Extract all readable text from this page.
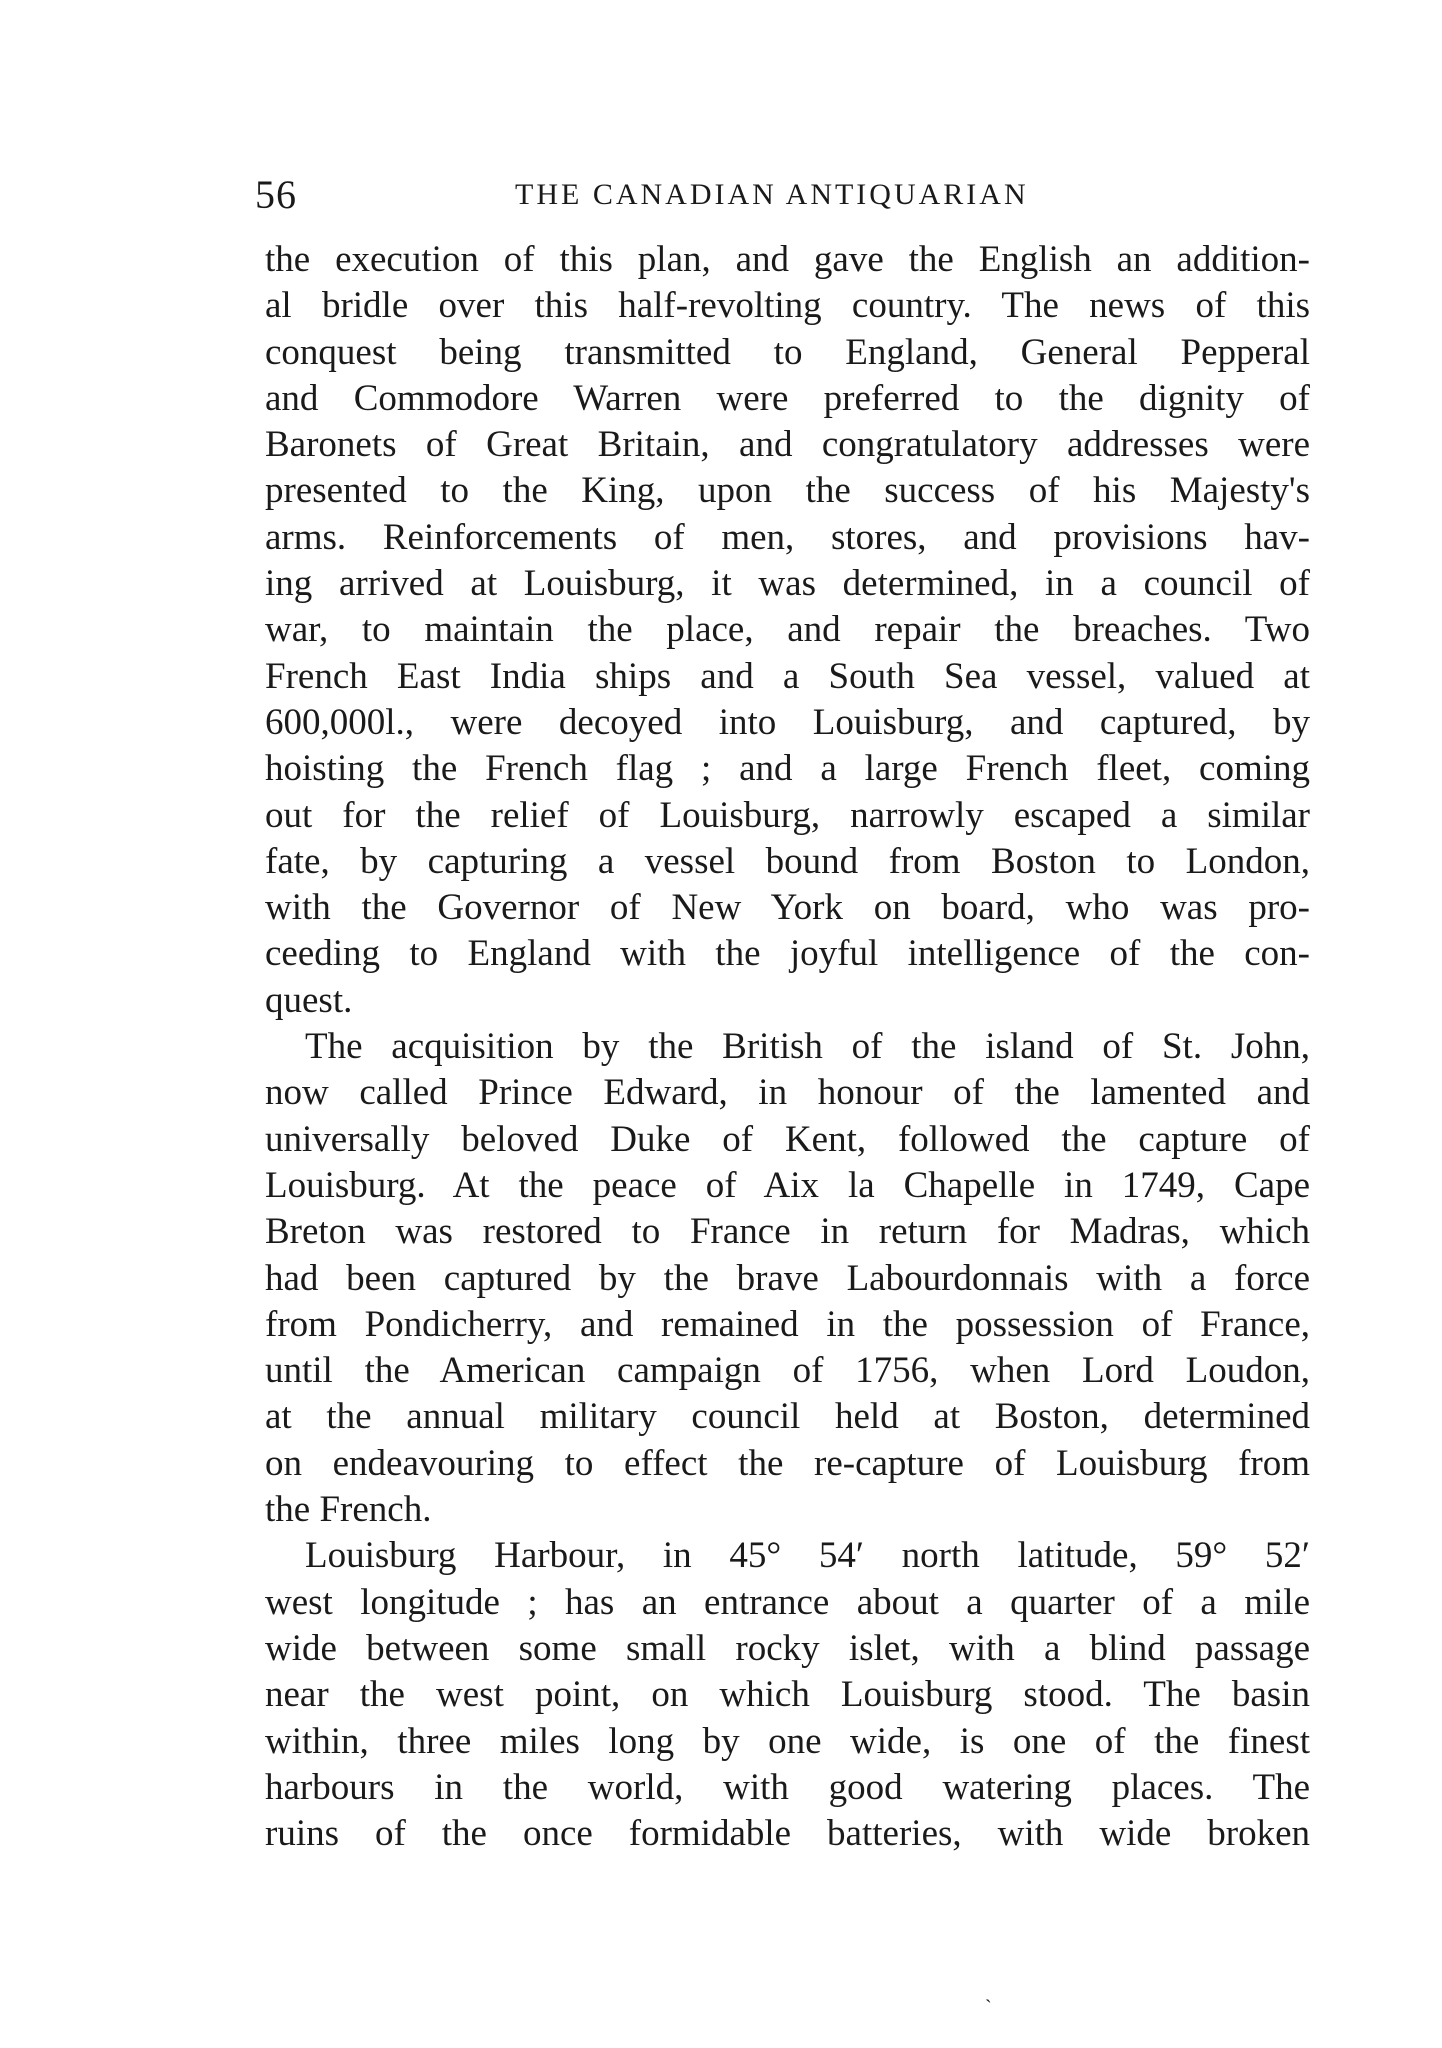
56	THE CANADIAN ANTIQUARIAN
the execution of this plan, and gave the English an addition-
al bridle over this half-revolting country. The news of this
conquest being transmitted to England, General Pepperal
and Commodore Warren were preferred to the dignity of
Baronets of Great Britain, and congratulatory addresses were
presented to the King, upon the success of his Majesty's
arms. Reinforcements of men, stores, and provisions hav-
ing arrived at Louisburg, it was determined, in a council of
war, to maintain the place, and repair the breaches. Two
French East India ships and a South Sea vessel, valued at
600,000l., were decoyed into Louisburg, and captured, by
hoisting the French flag ; and a large French fleet, coming
out for the relief of Louisburg, narrowly escaped a similar
fate, by capturing a vessel bound from Boston to London,
with the Governor of New York on board, who was pro-
ceeding to England with the joyful intelligence of the con-
quest.
The acquisition by the British of the island of St. John,
now called Prince Edward, in honour of the lamented and
universally beloved Duke of Kent, followed the capture of
Louisburg. At the peace of Aix la Chapelle in 1749, Cape
Breton was restored to France in return for Madras, which
had been captured by the brave Labourdonnais with a force
from Pondicherry, and remained in the possession of France,
until the American campaign of 1756, when Lord Loudon,
at the annual military council held at Boston, determined
on endeavouring to effect the re-capture of Louisburg from
the French.
Louisburg Harbour, in 45° 54′ north latitude, 59° 52′
west longitude ; has an entrance about a quarter of a mile
wide between some small rocky islet, with a blind passage
near the west point, on which Louisburg stood. The basin
within, three miles long by one wide, is one of the finest
harbours in the world, with good watering places. The
ruins of the once formidable batteries, with wide broken
ˎ
